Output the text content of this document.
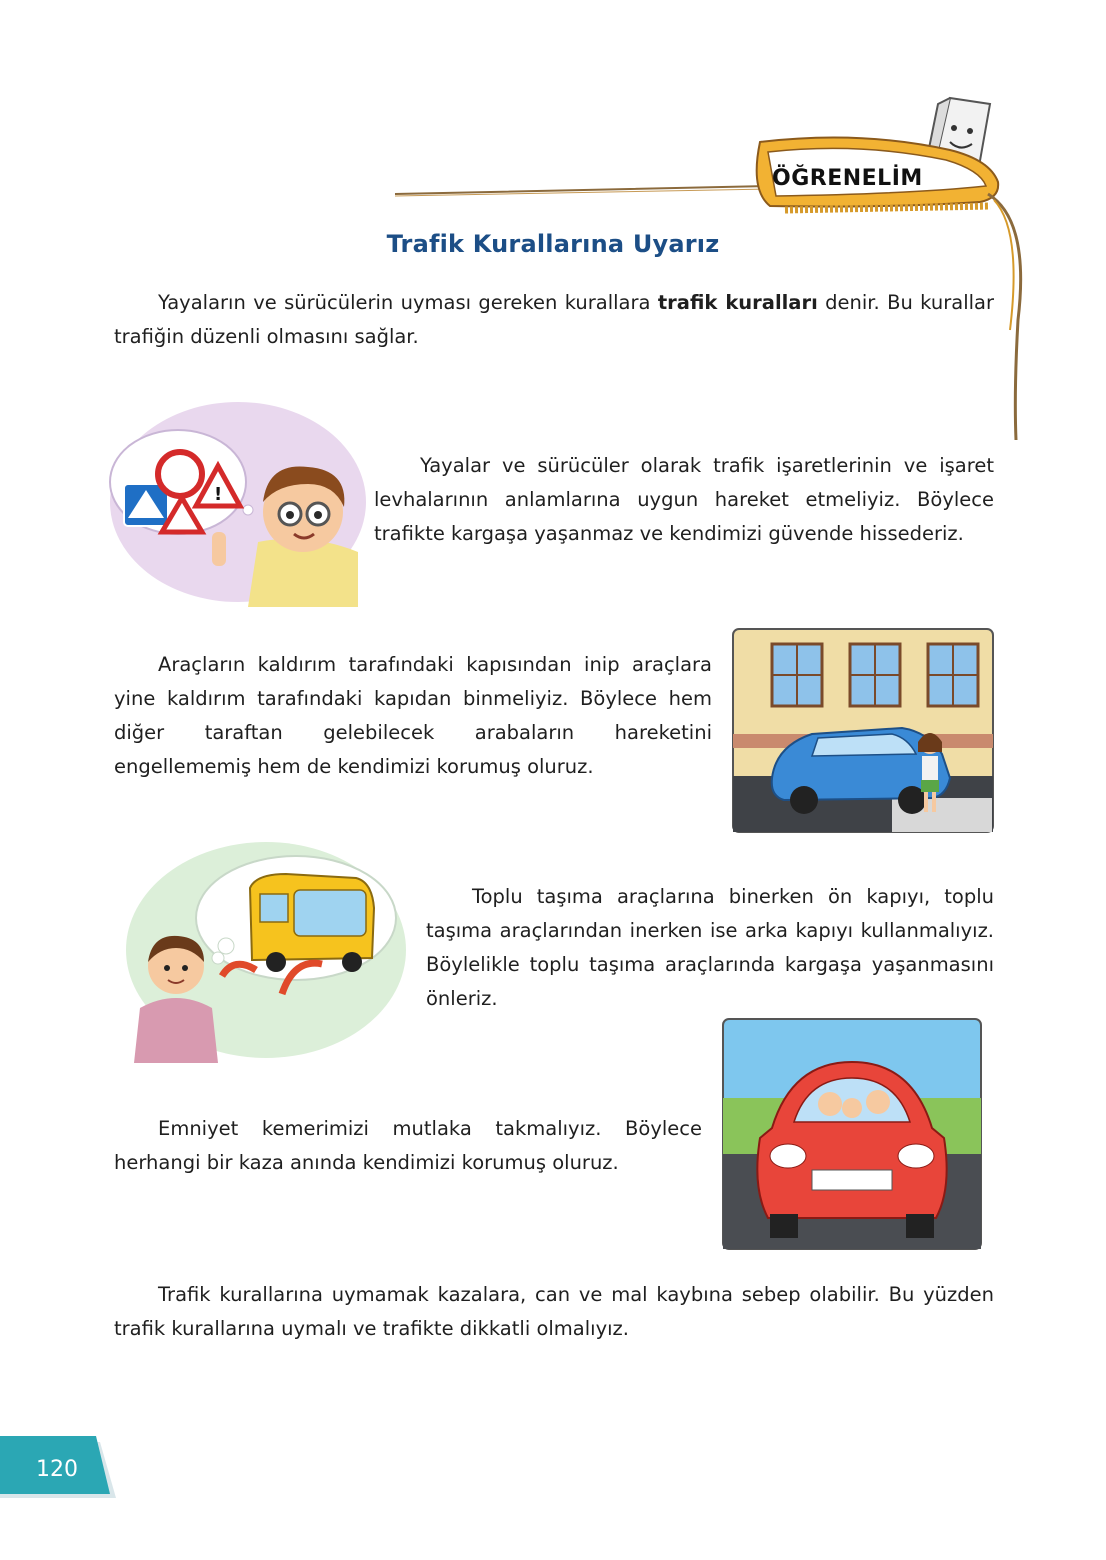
ÖĞRENELİM
Trafik Kurallarına Uyarız

Yayaların ve sürücülerin uyması gereken kurallara trafik kuralları denir. Bu kurallar trafiğin düzenli olmasını sağlar.

!

Yayalar ve sürücüler olarak trafik işaretlerinin ve işaret levhalarının anlamlarına uygun hareket etmeliyiz. Böylece trafikte kargaşa yaşanmaz ve kendimizi güvende hissederiz.

Araçların kaldırım tarafındaki kapısından inip araçlara yine kaldırım tarafındaki kapıdan binmeliyiz. Böylece hem diğer taraftan gelebilecek arabaların hareketini engellememiş hem de kendimizi korumuş oluruz.

Toplu taşıma araçlarına binerken ön kapıyı, toplu taşıma araçlarından inerken ise arka kapıyı kullanmalıyız. Böylelikle toplu taşıma araçlarında kargaşa yaşanmasını önleriz.

Emniyet kemerimizi mutlaka takmalıyız. Böylece herhangi bir kaza anında kendimizi korumuş oluruz.

Trafik kurallarına uymamak kazalara, can ve mal kaybına sebep olabilir. Bu yüzden trafik kurallarına uymalı ve trafikte dikkatli olmalıyız.

120
